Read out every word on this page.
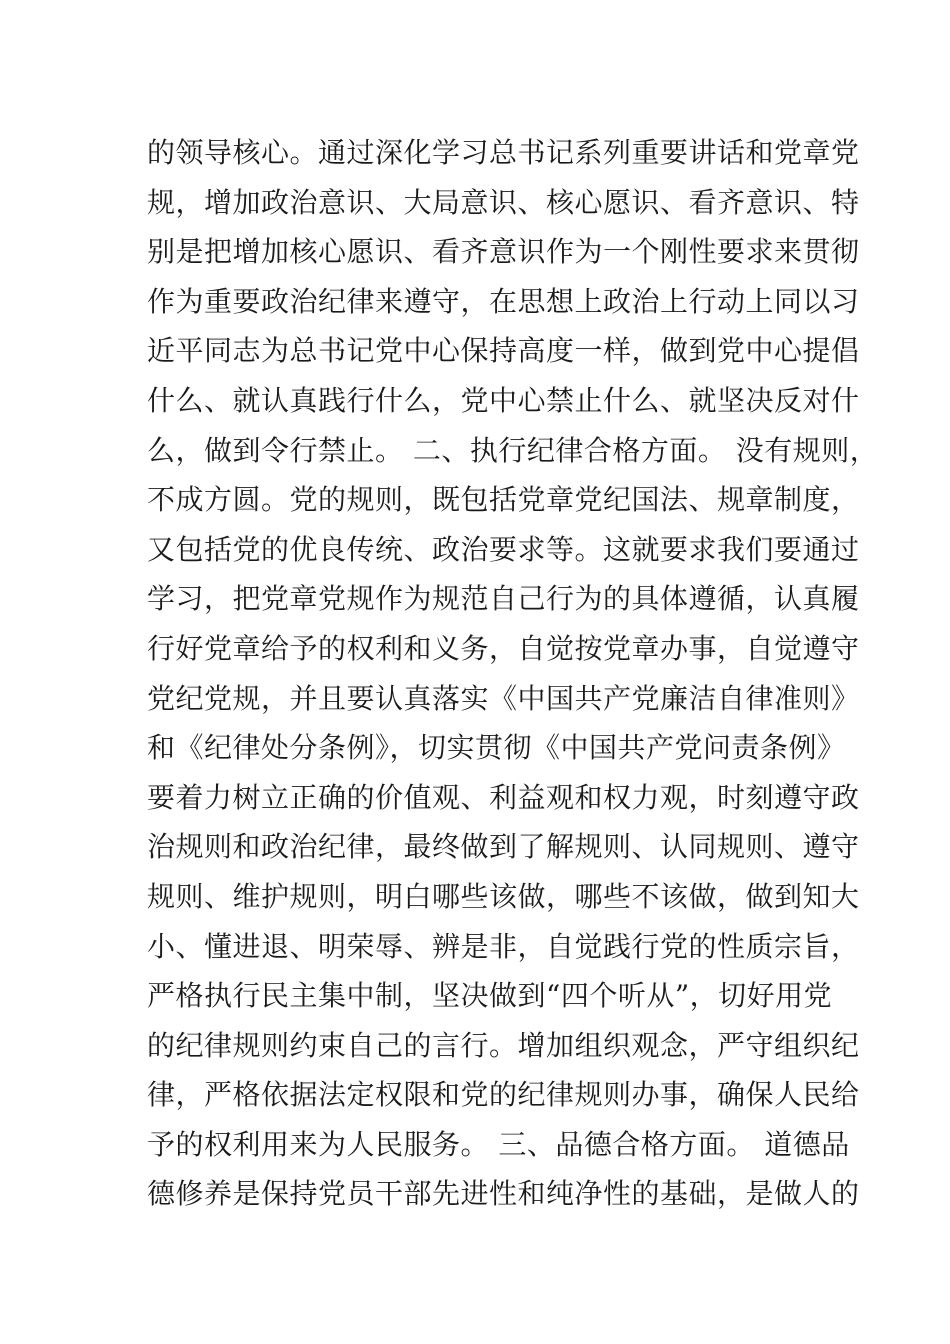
的领导核心。通过深化学习总书记系列重要讲话和党章党
规，增加政治意识、大局意识、核心愿识、看齐意识、特
别是把增加核心愿识、看齐意识作为一个刚性要求来贯彻
作为重要政治纪律来遵守，在思想上政治上行动上同以习
近平同志为总书记党中心保持高度一样，做到党中心提倡
什么、就认真践行什么，党中心禁止什么、就坚决反对什
么，做到令行禁止。 二、执行纪律合格方面。 没有规则，
不成方圆。党的规则，既包括党章党纪国法、规章制度，
又包括党的优良传统、政治要求等。这就要求我们要通过
学习，把党章党规作为规范自己行为的具体遵循，认真履
行好党章给予的权利和义务，自觉按党章办事，自觉遵守
党纪党规，并且要认真落实《中国共产党廉洁自律准则》
和《纪律处分条例》，切实贯彻《中国共产党问责条例》
要着力树立正确的价值观、利益观和权力观，时刻遵守政
治规则和政治纪律，最终做到了解规则、认同规则、遵守
规则、维护规则，明白哪些该做，哪些不该做，做到知大
小、懂进退、明荣辱、辨是非，自觉践行党的性质宗旨，
严格执行民主集中制，坚决做到“四个听从”，切好用党
的纪律规则约束自己的言行。增加组织观念，严守组织纪
律，严格依据法定权限和党的纪律规则办事，确保人民给
予的权利用来为人民服务。 三、品德合格方面。 道德品
德修养是保持党员干部先进性和纯净性的基础，是做人的
